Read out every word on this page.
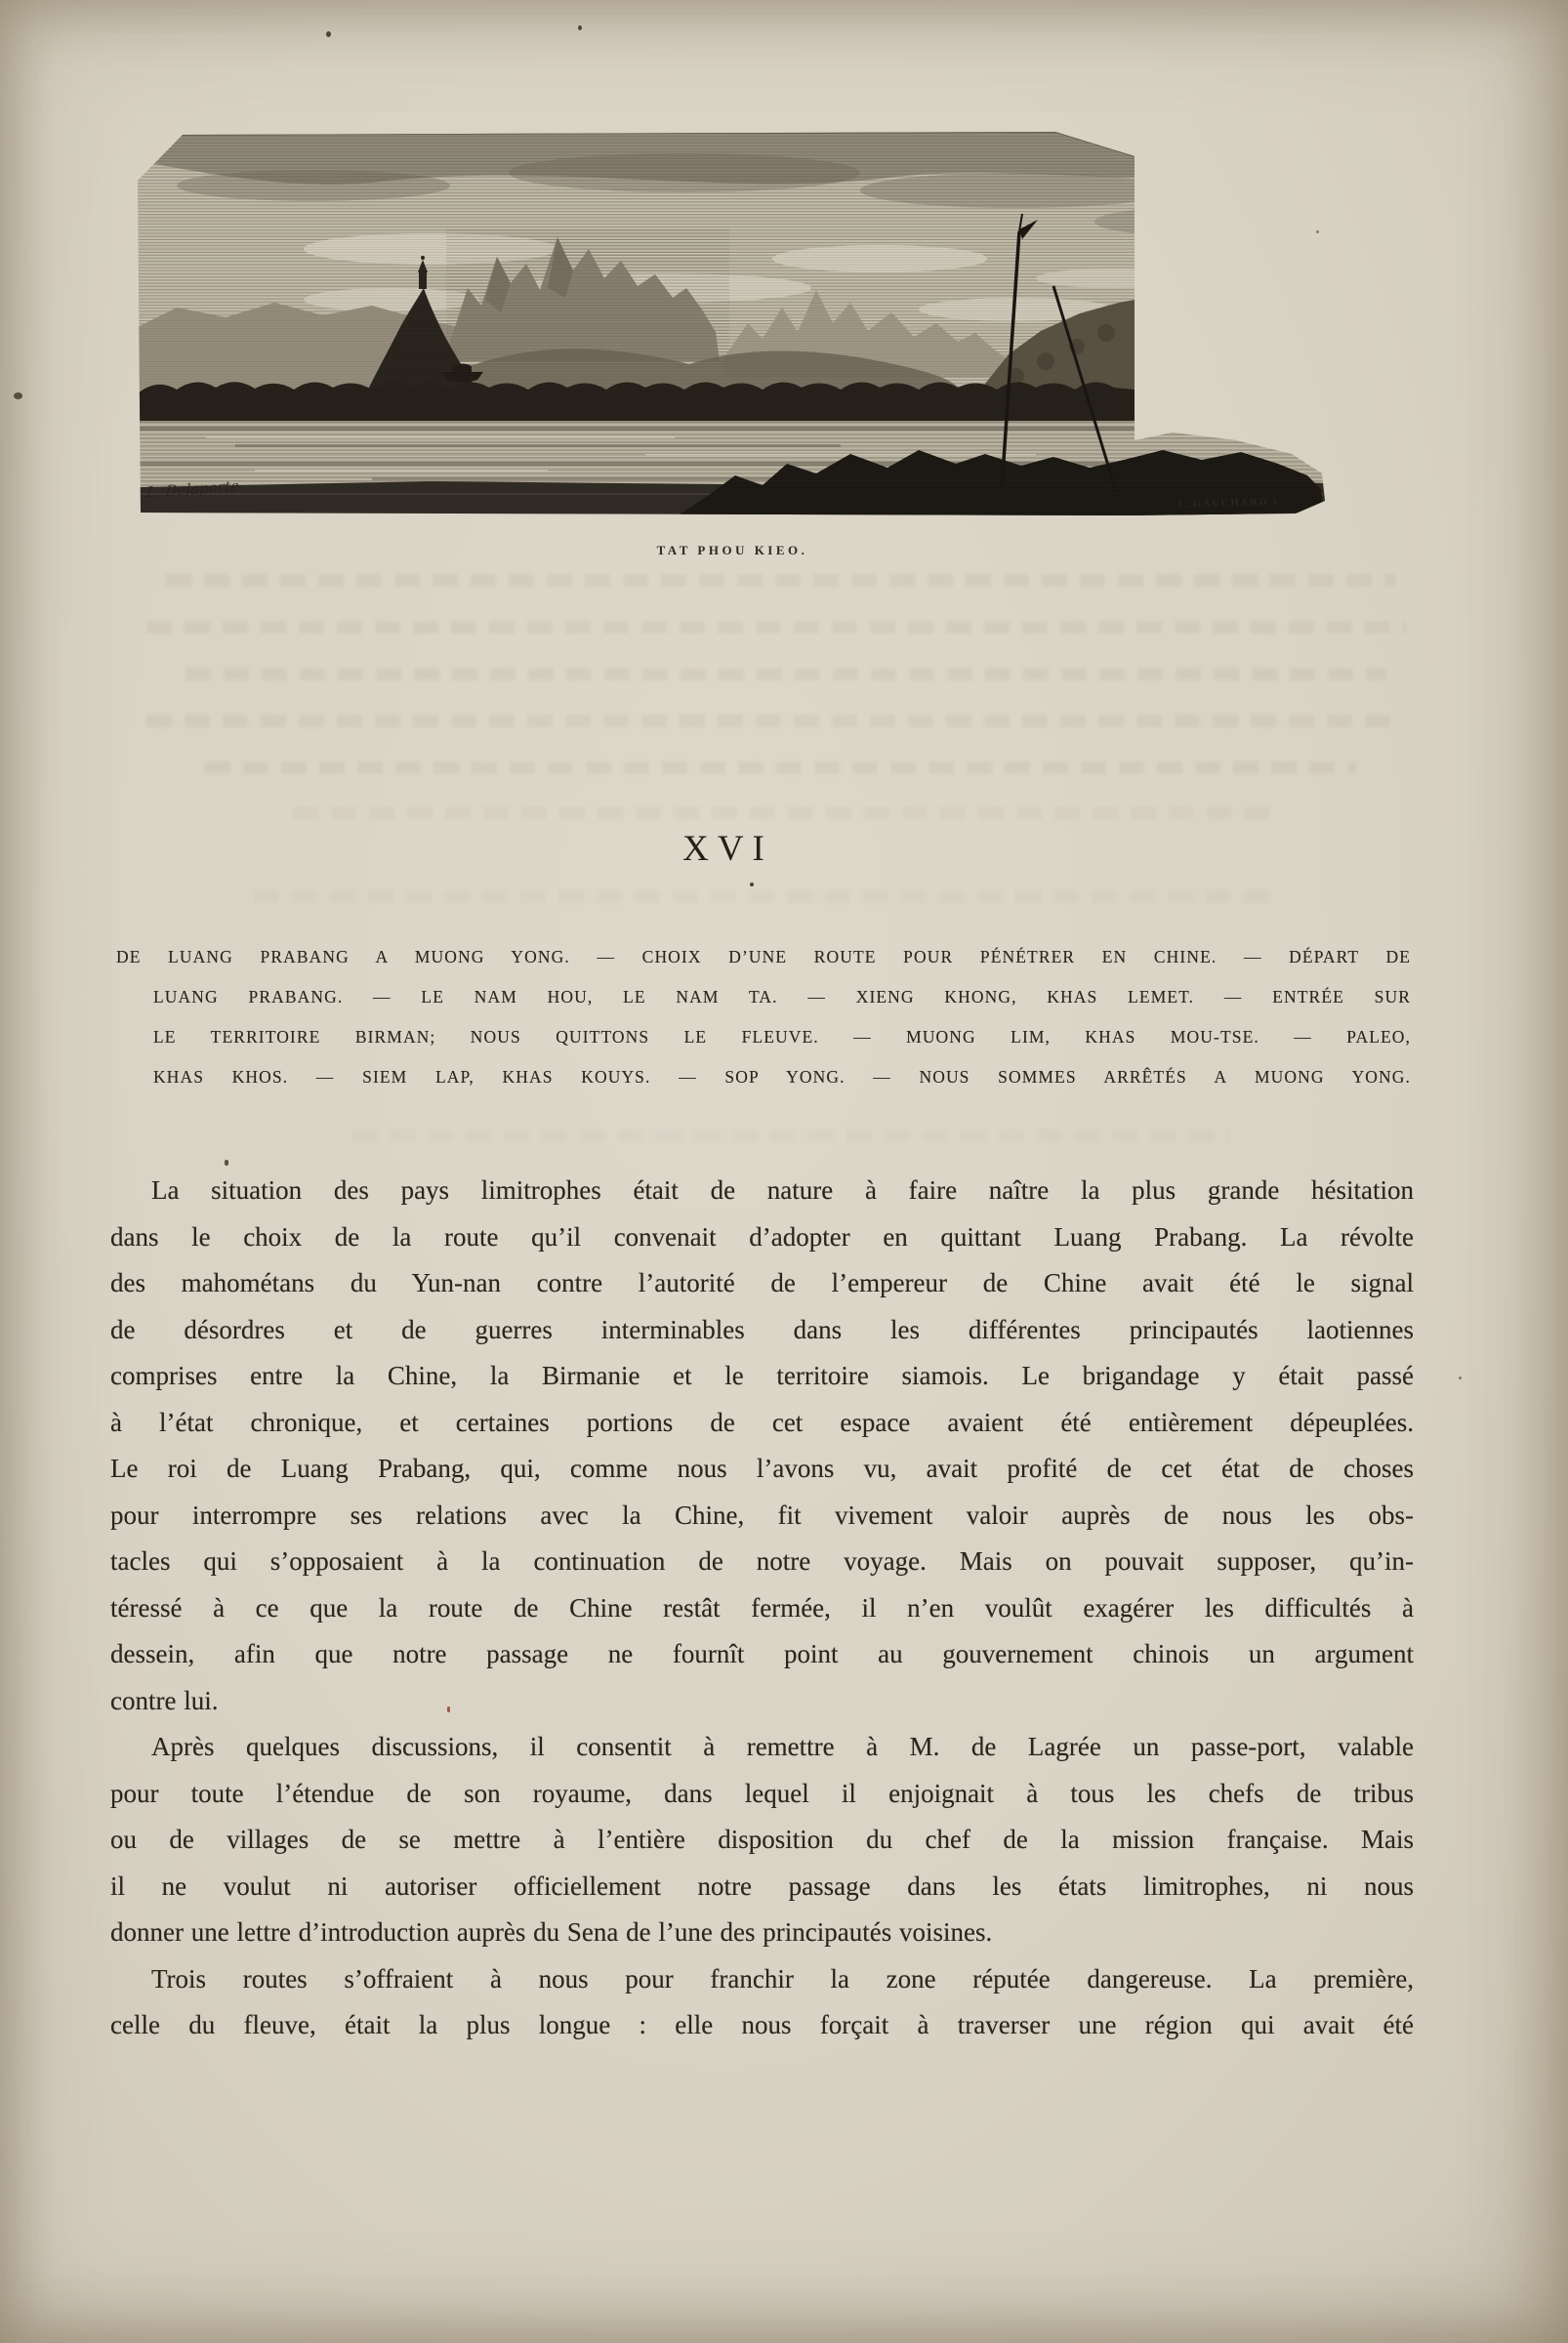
L. Delaporte
J. GAUCHARD s.
TAT PHOU KIEO.
XVI
DE LUANG PRABANG A MUONG YONG. — CHOIX D’UNE ROUTE POUR PÉNÉTRER EN CHINE. — DÉPART DE
LUANG PRABANG. — LE NAM HOU, LE NAM TA. — XIENG KHONG, KHAS LEMET. — ENTRÉE SUR
LE TERRITOIRE BIRMAN; NOUS QUITTONS LE FLEUVE. — MUONG LIM, KHAS MOU-TSE. — PALEO,
KHAS KHOS. — SIEM LAP, KHAS KOUYS. — SOP YONG. — NOUS SOMMES ARRÊTÉS A MUONG YONG.
La situation des pays limitrophes était de nature à faire naître la plus grande hésitation
dans le choix de la route qu’il convenait d’adopter en quittant Luang Prabang. La révolte
des mahométans du Yun-nan contre l’autorité de l’empereur de Chine avait été le signal
de désordres et de guerres interminables dans les différentes principautés laotiennes
comprises entre la Chine, la Birmanie et le territoire siamois. Le brigandage y était passé
à l’état chronique, et certaines portions de cet espace avaient été entièrement dépeuplées.
Le roi de Luang Prabang, qui, comme nous l’avons vu, avait profité de cet état de choses
pour interrompre ses relations avec la Chine, fit vivement valoir auprès de nous les obs-
tacles qui s’opposaient à la continuation de notre voyage. Mais on pouvait supposer, qu’in-
téressé à ce que la route de Chine restât fermée, il n’en voulût exagérer les difficultés à
dessein, afin que notre passage ne fournît point au gouvernement chinois un argument
contre lui.
Après quelques discussions, il consentit à remettre à M. de Lagrée un passe-port, valable
pour toute l’étendue de son royaume, dans lequel il enjoignait à tous les chefs de tribus
ou de villages de se mettre à l’entière disposition du chef de la mission française. Mais
il ne voulut ni autoriser officiellement notre passage dans les états limitrophes, ni nous
donner une lettre d’introduction auprès du Sena de l’une des principautés voisines.
Trois routes s’offraient à nous pour franchir la zone réputée dangereuse. La première,
celle du fleuve, était la plus longue : elle nous forçait à traverser une région qui avait été
